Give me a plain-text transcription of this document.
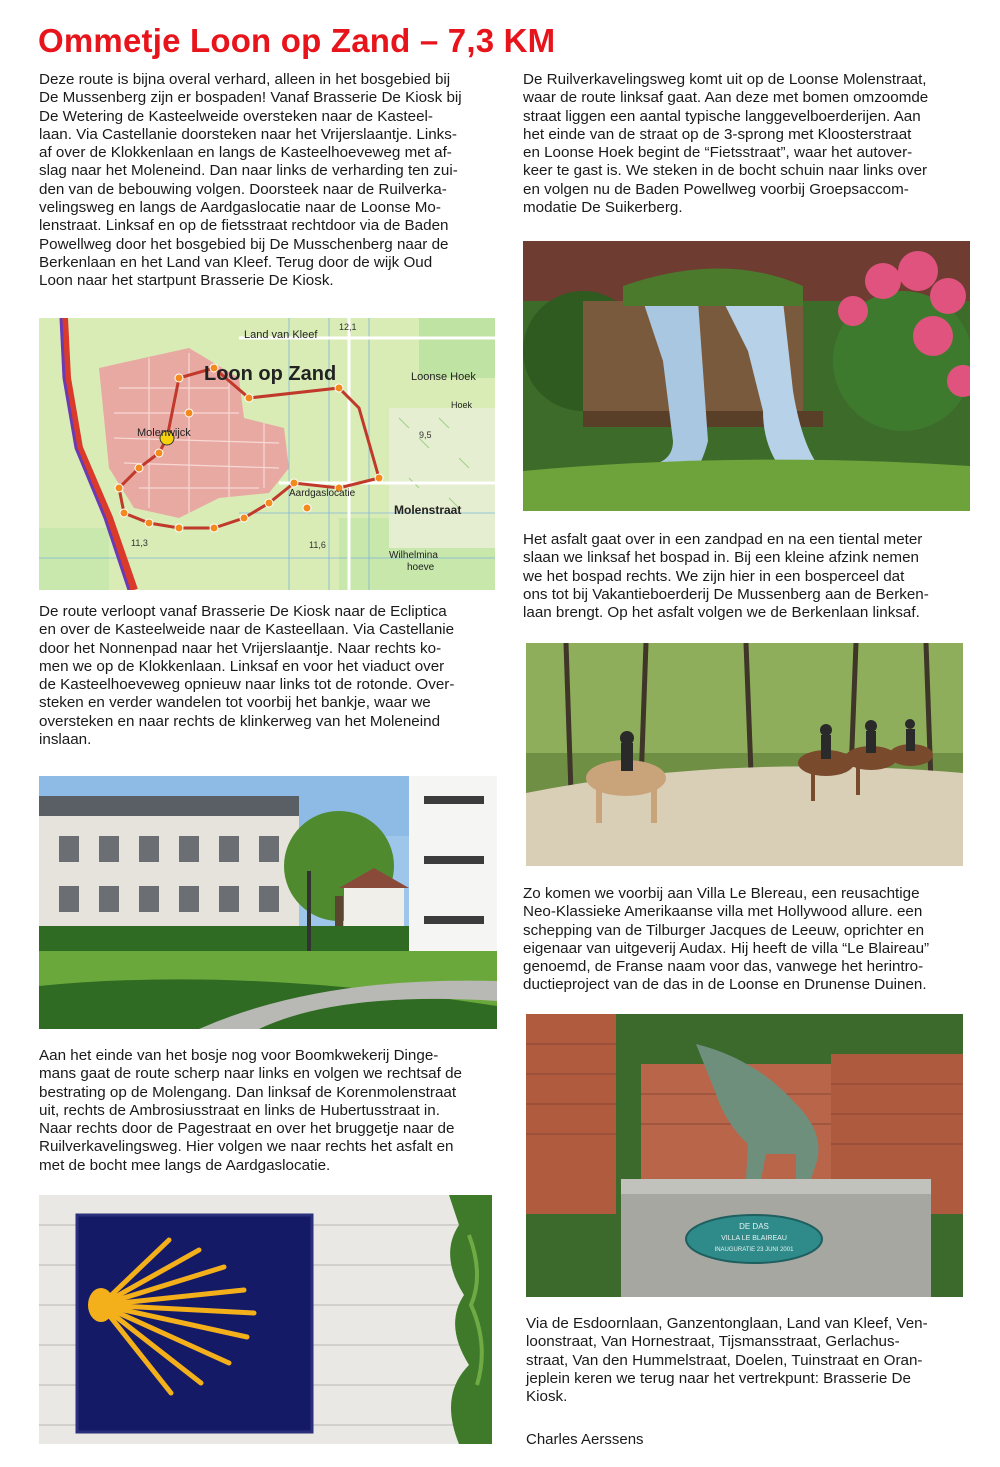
Ommetje Loon op Zand – 7,3 KM

Deze route is bijna overal verhard, alleen in het bosgebied bij
De Mussenberg zijn er bospaden! Vanaf Brasserie De Kiosk bij
De Wetering de Kasteelweide oversteken naar de Kasteel-
laan. Via Castellanie doorsteken naar het Vrijerslaantje. Links-
af over de Klokkenlaan en langs de Kasteelhoeveweg met af-
slag naar het Moleneind. Dan naar links de verharding ten zui-
den van de bebouwing volgen. Doorsteek naar de Ruilverka-
velingsweg en langs de Aardgaslocatie naar de Loonse Mo-
lenstraat. Linksaf en op de fietsstraat rechtdoor via de Baden
Powellweg door het bosgebied bij De Musschenberg naar de
Berkenlaan en het Land van Kleef. Terug door de wijk Oud
Loon naar het startpunt Brasserie De Kiosk.

Loon op Zand
Land van Kleef
Loonse Hoek
Molenwijck
Aardgaslocatie
Molenstraat
Wilhelmina
hoeve
Hoek
9,5
11,6
11,3
12,1

De route verloopt vanaf Brasserie De Kiosk naar de Ecliptica
en over de Kasteelweide naar de Kasteellaan. Via Castellanie
door het Nonnenpad naar het Vrijerslaantje. Naar rechts ko-
men we op de Klokkenlaan. Linksaf en voor het viaduct over
de Kasteelhoeveweg opnieuw naar links tot de rotonde. Over-
steken en verder wandelen tot voorbij het bankje, waar we
oversteken en naar rechts de klinkerweg van het Moleneind
inslaan.

Aan het einde van het bosje nog voor Boomkwekerij Dinge-
mans gaat de route scherp naar links en volgen we rechtsaf de
bestrating op de Molengang. Dan linksaf de Korenmolenstraat
uit, rechts de Ambrosiusstraat en links de Hubertusstraat in.
Naar rechts door de Pagestraat en over het bruggetje naar de
Ruilverkavelingsweg. Hier volgen we naar rechts het asfalt en
met de bocht mee langs de Aardgaslocatie.

De Ruilverkavelingsweg komt uit op de Loonse Molenstraat,
waar de route linksaf gaat. Aan deze met bomen omzoomde
straat liggen een aantal typische langgevelboerderijen. Aan
het einde van de straat op de 3-sprong met Kloosterstraat
en Loonse Hoek begint de “Fietsstraat”, waar het autover-
keer te gast is. We steken in de bocht schuin naar links over
en volgen nu de Baden Powellweg voorbij Groepsaccom-
modatie De Suikerberg.

Het asfalt gaat over in een zandpad en na een tiental meter
slaan we linksaf het bospad in. Bij een kleine afzink nemen
we het bospad rechts. We zijn hier in een bosperceel dat
ons tot bij Vakantieboerderij De Mussenberg aan de Berken-
laan brengt. Op het asfalt volgen we de Berkenlaan linksaf.

Zo komen we voorbij aan Villa Le Blereau, een reusachtige
Neo-Klassieke Amerikaanse villa met Hollywood allure. een
schepping van de Tilburger Jacques de Leeuw, oprichter en
eigenaar van uitgeverij Audax. Hij heeft de villa “Le Blaireau”
genoemd, de Franse naam voor das, vanwege het herintro-
ductieproject van de das in de Loonse en Drunense Duinen.

DE DAS
VILLA LE BLAIREAU
INAUGURATIE 23 JUNI 2001

Via de Esdoornlaan, Ganzentonglaan, Land van Kleef, Ven-
loonstraat, Van Hornestraat, Tijsmansstraat, Gerlachus-
straat, Van den Hummelstraat, Doelen, Tuinstraat en Oran-
jeplein keren we terug naar het vertrekpunt: Brasserie De
Kiosk.

Charles Aerssens
